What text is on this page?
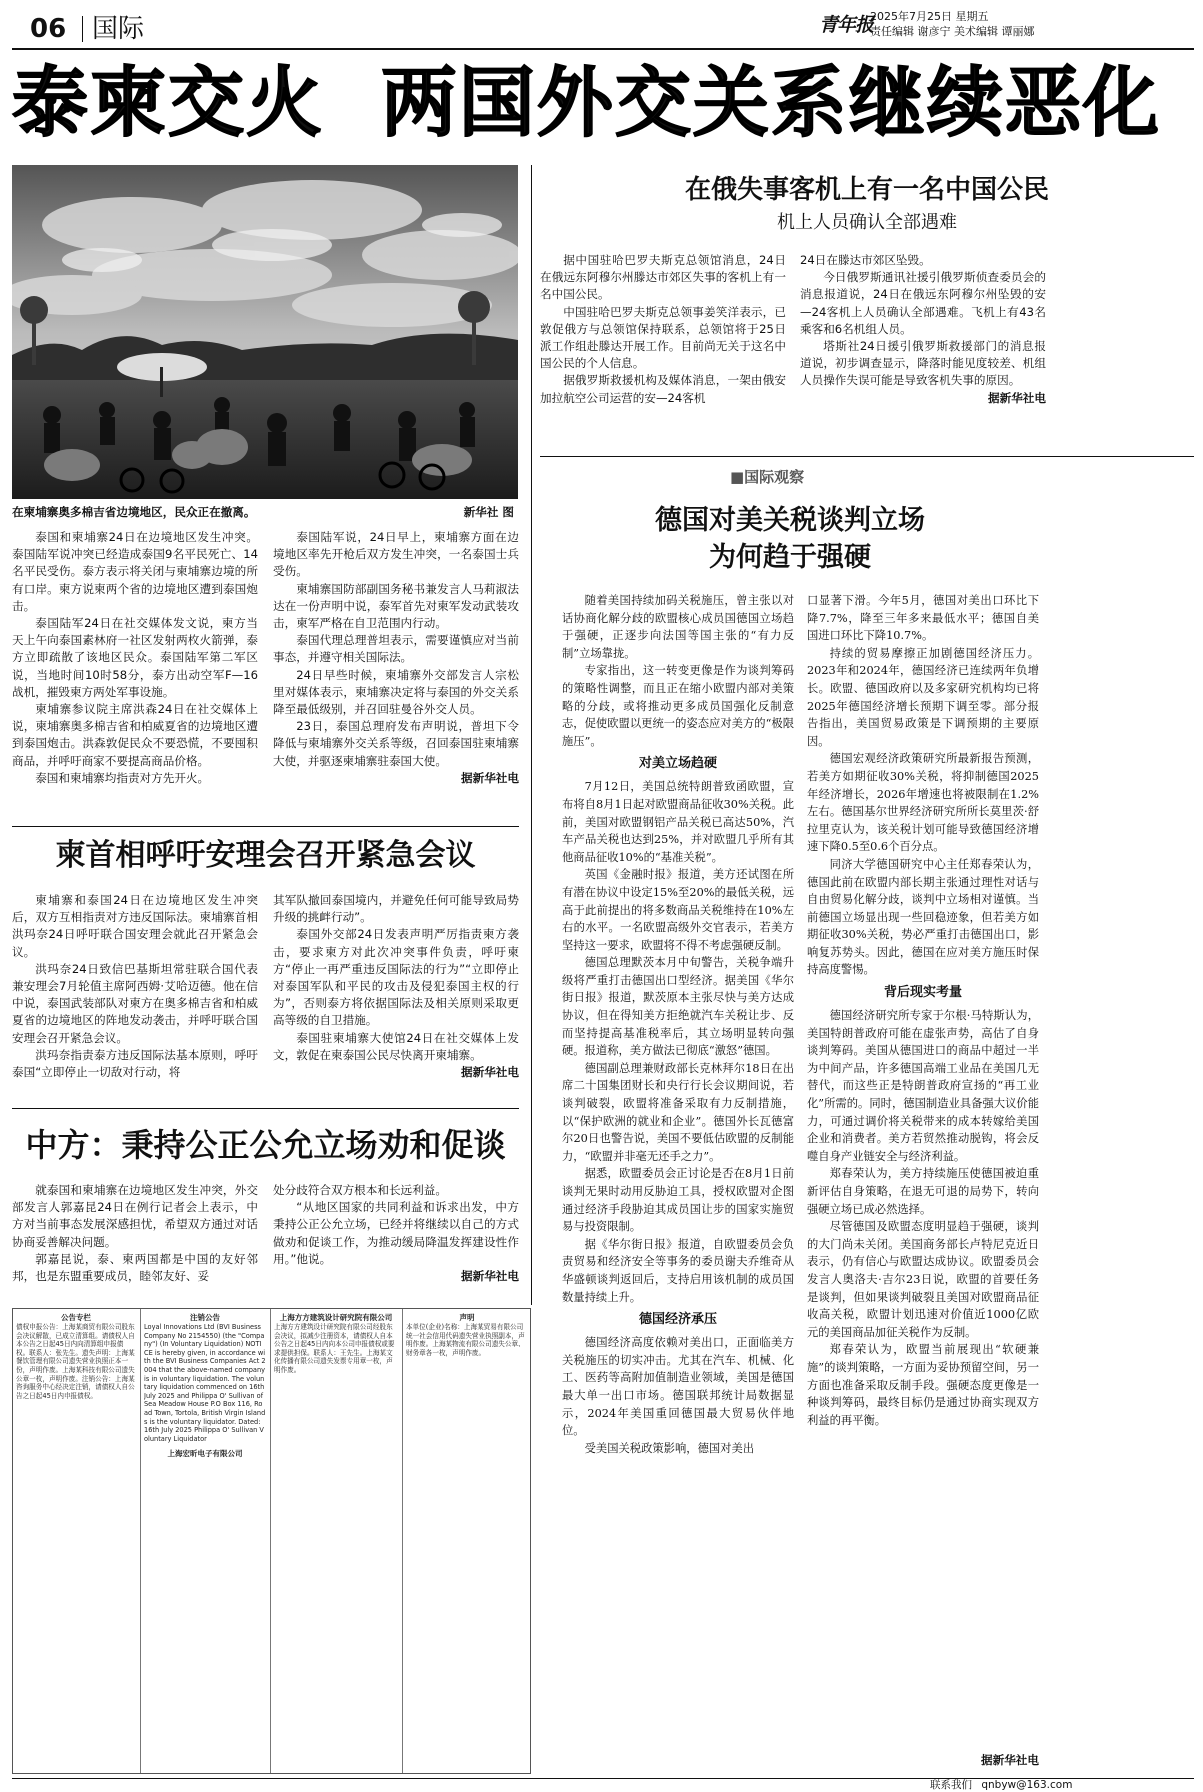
06 国际	青年报
2025年7月25日 星期五
责任编辑 谢彦宁 美术编辑 谭丽娜
泰柬交火  两国外交关系继续恶化
在柬埔寨奥多棉吉省边境地区，民众正在撤离。	新华社 图

泰国和柬埔寨24日在边境地区发生冲突。泰国陆军说冲突已经造成泰国9名平民死亡、14名平民受伤。泰方表示将关闭与柬埔寨边境的所有口岸。柬方说柬两个省的边境地区遭到泰国炮击。

泰国陆军24日在社交媒体发文说，柬方当天上午向泰国素林府一社区发射两枚火箭弹，泰方立即疏散了该地区民众。泰国陆军第二军区说，当地时间10时58分，泰方出动空军F—16战机，摧毁柬方两处军事设施。

柬埔寨参议院主席洪森24日在社交媒体上说，柬埔寨奥多棉吉省和柏威夏省的边境地区遭到泰国炮击。洪森敦促民众不要恐慌，不要囤积商品，并呼吁商家不要提高商品价格。

泰国和柬埔寨均指责对方先开火。

泰国陆军说，24日早上，柬埔寨方面在边境地区率先开枪后双方发生冲突，一名泰国士兵受伤。

柬埔寨国防部副国务秘书兼发言人马莉淑法达在一份声明中说，泰军首先对柬军发动武装攻击，柬军严格在自卫范围内行动。

泰国代理总理普坦表示，需要谨慎应对当前事态，并遵守相关国际法。

24日早些时候，柬埔寨外交部发言人宗松里对媒体表示，柬埔寨决定将与泰国的外交关系降至最低级别，并召回驻曼谷外交人员。

23日，泰国总理府发布声明说，普坦下令降低与柬埔寨外交关系等级，召回泰国驻柬埔寨大使，并驱逐柬埔寨驻泰国大使。

据新华社电
柬首相呼吁安理会召开紧急会议

柬埔寨和泰国24日在边境地区发生冲突后，双方互相指责对方违反国际法。柬埔寨首相洪玛奈24日呼吁联合国安理会就此召开紧急会议。

洪玛奈24日致信巴基斯坦常驻联合国代表兼安理会7月轮值主席阿西姆·艾哈迈德。他在信中说，泰国武装部队对柬方在奥多棉吉省和柏威夏省的边境地区的阵地发动袭击，并呼吁联合国安理会召开紧急会议。

洪玛奈指责泰方违反国际法基本原则，呼吁泰国“立即停止一切敌对行动，将

其军队撤回泰国境内，并避免任何可能导致局势升级的挑衅行动”。

泰国外交部24日发表声明严厉指责柬方袭击，要求柬方对此次冲突事件负责，呼吁柬方“停止一再严重违反国际法的行为”“立即停止对泰国军队和平民的攻击及侵犯泰国主权的行为”，否则泰方将依据国际法及相关原则采取更高等级的自卫措施。

泰国驻柬埔寨大使馆24日在社交媒体上发文，敦促在柬泰国公民尽快离开柬埔寨。

据新华社电
中方：秉持公正公允立场劝和促谈

就泰国和柬埔寨在边境地区发生冲突，外交部发言人郭嘉昆24日在例行记者会上表示，中方对当前事态发展深感担忧，希望双方通过对话协商妥善解决问题。

郭嘉昆说，泰、柬两国都是中国的友好邻邦，也是东盟重要成员，睦邻友好、妥

处分歧符合双方根本和长远利益。

“从地区国家的共同利益和诉求出发，中方秉持公正公允立场，已经并将继续以自己的方式做劝和促谈工作，为推动缓局降温发挥建设性作用。”他说。

据新华社电
公告专栏
债权申报公告：上海某商贸有限公司股东会决议解散，已成立清算组。请债权人自本公告之日起45日内向清算组申报债权。联系人：张先生。遗失声明：上海某餐饮管理有限公司遗失营业执照正本一份，声明作废。上海某科技有限公司遗失公章一枚，声明作废。注销公告：上海某咨询服务中心经决定注销，请债权人自公告之日起45日内申报债权。
注销公告
Loyal Innovations Ltd (BVI Business Company No 2154550) (the "Company") (In Voluntary Liquidation) NOTICE is hereby given, in accordance with the BVI Business Companies Act 2004 that the above-named company is in voluntary liquidation. The voluntary liquidation commenced on 16th July 2025 and Philippa O' Sullivan of Sea Meadow House P.O Box 116, Road Town, Tortola, British Virgin Islands is the voluntary liquidator. Dated: 16th July 2025 Philippa O' Sullivan Voluntary Liquidator
上海宏昕电子有限公司
上海方方建筑设计研究院有限公司
上海方方建筑设计研究院有限公司经股东会决议，拟减少注册资本，请债权人自本公告之日起45日内向本公司申报债权或要求提供担保。联系人：王先生。上海某文化传播有限公司遗失发票专用章一枚，声明作废。
声明
本单位(企业)名称：上海某贸易有限公司统一社会信用代码遗失营业执照副本，声明作废。上海某物流有限公司遗失公章、财务章各一枚，声明作废。
在俄失事客机上有一名中国公民
机上人员确认全部遇难

据中国驻哈巴罗夫斯克总领馆消息，24日在俄远东阿穆尔州滕达市郊区失事的客机上有一名中国公民。

中国驻哈巴罗夫斯克总领事姜笑洋表示，已敦促俄方与总领馆保持联系，总领馆将于25日派工作组赴滕达开展工作。目前尚无关于这名中国公民的个人信息。

据俄罗斯救援机构及媒体消息，一架由俄安加拉航空公司运营的安—24客机

24日在滕达市郊区坠毁。

今日俄罗斯通讯社援引俄罗斯侦查委员会的消息报道说，24日在俄远东阿穆尔州坠毁的安—24客机上人员确认全部遇难。飞机上有43名乘客和6名机组人员。

塔斯社24日援引俄罗斯救援部门的消息报道说，初步调查显示，降落时能见度较差、机组人员操作失误可能是导致客机失事的原因。

据新华社电
■国际观察
德国对美关税谈判立场
为何趋于强硬

随着美国持续加码关税施压，曾主张以对话协商化解分歧的欧盟核心成员国德国立场趋于强硬，正逐步向法国等国主张的“有力反制”立场靠拢。

专家指出，这一转变更像是作为谈判筹码的策略性调整，而且正在缩小欧盟内部对美策略的分歧，或将推动更多成员国强化反制意志，促使欧盟以更统一的姿态应对美方的“极限施压”。

对美立场趋硬

7月12日，美国总统特朗普致函欧盟，宣布将自8月1日起对欧盟商品征收30%关税。此前，美国对欧盟钢铝产品关税已高达50%，汽车产品关税也达到25%，并对欧盟几乎所有其他商品征收10%的“基准关税”。

英国《金融时报》报道，美方还试图在所有潜在协议中设定15%至20%的最低关税，远高于此前提出的将多数商品关税维持在10%左右的水平。一名欧盟高级外交官表示，若美方坚持这一要求，欧盟将不得不考虑强硬反制。

德国总理默茨本月中旬警告，关税争端升级将严重打击德国出口型经济。据美国《华尔街日报》报道，默茨原本主张尽快与美方达成协议，但在得知美方拒绝就汽车关税让步、反而坚持提高基准税率后，其立场明显转向强硬。报道称，美方做法已彻底“激怒”德国。

德国副总理兼财政部长克林拜尔18日在出席二十国集团财长和央行行长会议期间说，若谈判破裂，欧盟将准备采取有力反制措施，以“保护欧洲的就业和企业”。德国外长瓦德富尔20日也警告说，美国不要低估欧盟的反制能力，“欧盟并非毫无还手之力”。

据悉，欧盟委员会正讨论是否在8月1日前谈判无果时动用反胁迫工具，授权欧盟对企图通过经济手段胁迫其成员国让步的国家实施贸易与投资限制。

据《华尔街日报》报道，自欧盟委员会负责贸易和经济安全等事务的委员谢夫乔维奇从华盛顿谈判返回后，支持启用该机制的成员国数量持续上升。

德国经济承压

德国经济高度依赖对美出口，正面临美方关税施压的切实冲击。尤其在汽车、机械、化工、医药等高附加值制造业领域，美国是德国最大单一出口市场。德国联邦统计局数据显示，2024年美国重回德国最大贸易伙伴地位。

受美国关税政策影响，德国对美出

口显著下滑。今年5月，德国对美出口环比下降7.7%，降至三年多来最低水平；德国自美国进口环比下降10.7%。

持续的贸易摩擦正加剧德国经济压力。2023年和2024年，德国经济已连续两年负增长。欧盟、德国政府以及多家研究机构均已将2025年德国经济增长预期下调至零。部分报告指出，美国贸易政策是下调预期的主要原因。

德国宏观经济政策研究所最新报告预测，若美方如期征收30%关税，将抑制德国2025年经济增长，2026年增速也将被限制在1.2%左右。德国基尔世界经济研究所所长莫里茨·舒拉里克认为，该关税计划可能导致德国经济增速下降0.5至0.6个百分点。

同济大学德国研究中心主任郑春荣认为，德国此前在欧盟内部长期主张通过理性对话与自由贸易化解分歧，谈判中立场相对谨慎。当前德国立场显出现一些回稳迹象，但若美方如期征收30%关税，势必严重打击德国出口，影响复苏势头。因此，德国在应对美方施压时保持高度警惕。

背后现实考量

德国经济研究所专家于尔根·马特斯认为，美国特朗普政府可能在虚张声势，高估了自身谈判筹码。美国从德国进口的商品中超过一半为中间产品，许多德国高端工业品在美国几无替代，而这些正是特朗普政府宣扬的“再工业化”所需的。同时，德国制造业具备强大议价能力，可通过调价将关税带来的成本转嫁给美国企业和消费者。美方若贸然推动脱钩，将会反噬自身产业链安全与经济利益。

郑春荣认为，美方持续施压使德国被迫重新评估自身策略，在退无可退的局势下，转向强硬立场已成必然选择。

尽管德国及欧盟态度明显趋于强硬，谈判的大门尚未关闭。美国商务部长卢特尼克近日表示，仍有信心与欧盟达成协议。欧盟委员会发言人奥洛夫·吉尔23日说，欧盟的首要任务是谈判，但如果谈判破裂且美国对欧盟商品征收高关税，欧盟计划迅速对价值近1000亿欧元的美国商品加征关税作为反制。

郑春荣认为，欧盟当前展现出“软硬兼施”的谈判策略，一方面为妥协预留空间，另一方面也准备采取反制手段。强硬态度更像是一种谈判筹码，最终目标仍是通过协商实现双方利益的再平衡。

据新华社电
联系我们 qnbyw@163.com
